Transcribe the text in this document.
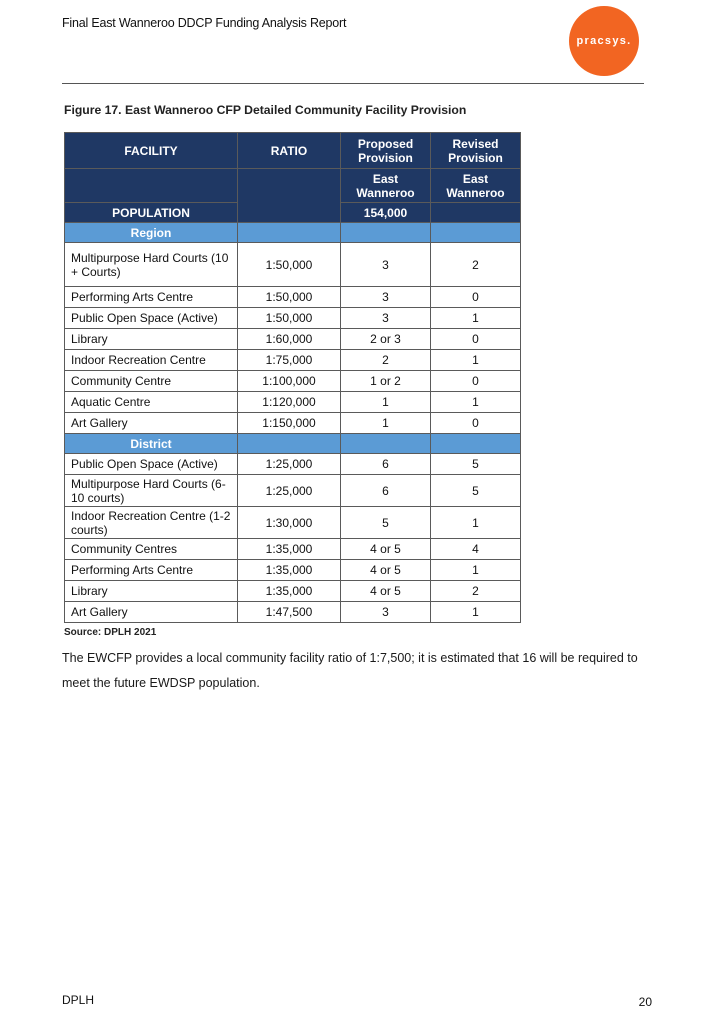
Final East Wanneroo DDCP Funding Analysis Report
pracsys.
Figure 17. East Wanneroo CFP Detailed Community Facility Provision
FACILITY	RATIO	Proposed Provision	Revised Provision
		East Wanneroo	East Wanneroo
POPULATION		154,000	
Region			
Multipurpose Hard Courts (10 + Courts)	1:50,000	3	2
Performing Arts Centre	1:50,000	3	0
Public Open Space (Active)	1:50,000	3	1
Library	1:60,000	2 or 3	0
Indoor Recreation Centre	1:75,000	2	1
Community Centre	1:100,000	1 or 2	0
Aquatic Centre	1:120,000	1	1
Art Gallery	1:150,000	1	0
District			
Public Open Space (Active)	1:25,000	6	5
Multipurpose Hard Courts (6-10 courts)	1:25,000	6	5
Indoor Recreation Centre (1-2 courts)	1:30,000	5	1
Community Centres	1:35,000	4 or 5	4
Performing Arts Centre	1:35,000	4 or 5	1
Library	1:35,000	4 or 5	2
Art Gallery	1:47,500	3	1
Source: DPLH 2021
The EWCFP provides a local community facility ratio of 1:7,500; it is estimated that 16 will be required to meet the future EWDSP population.
DPLH	20
